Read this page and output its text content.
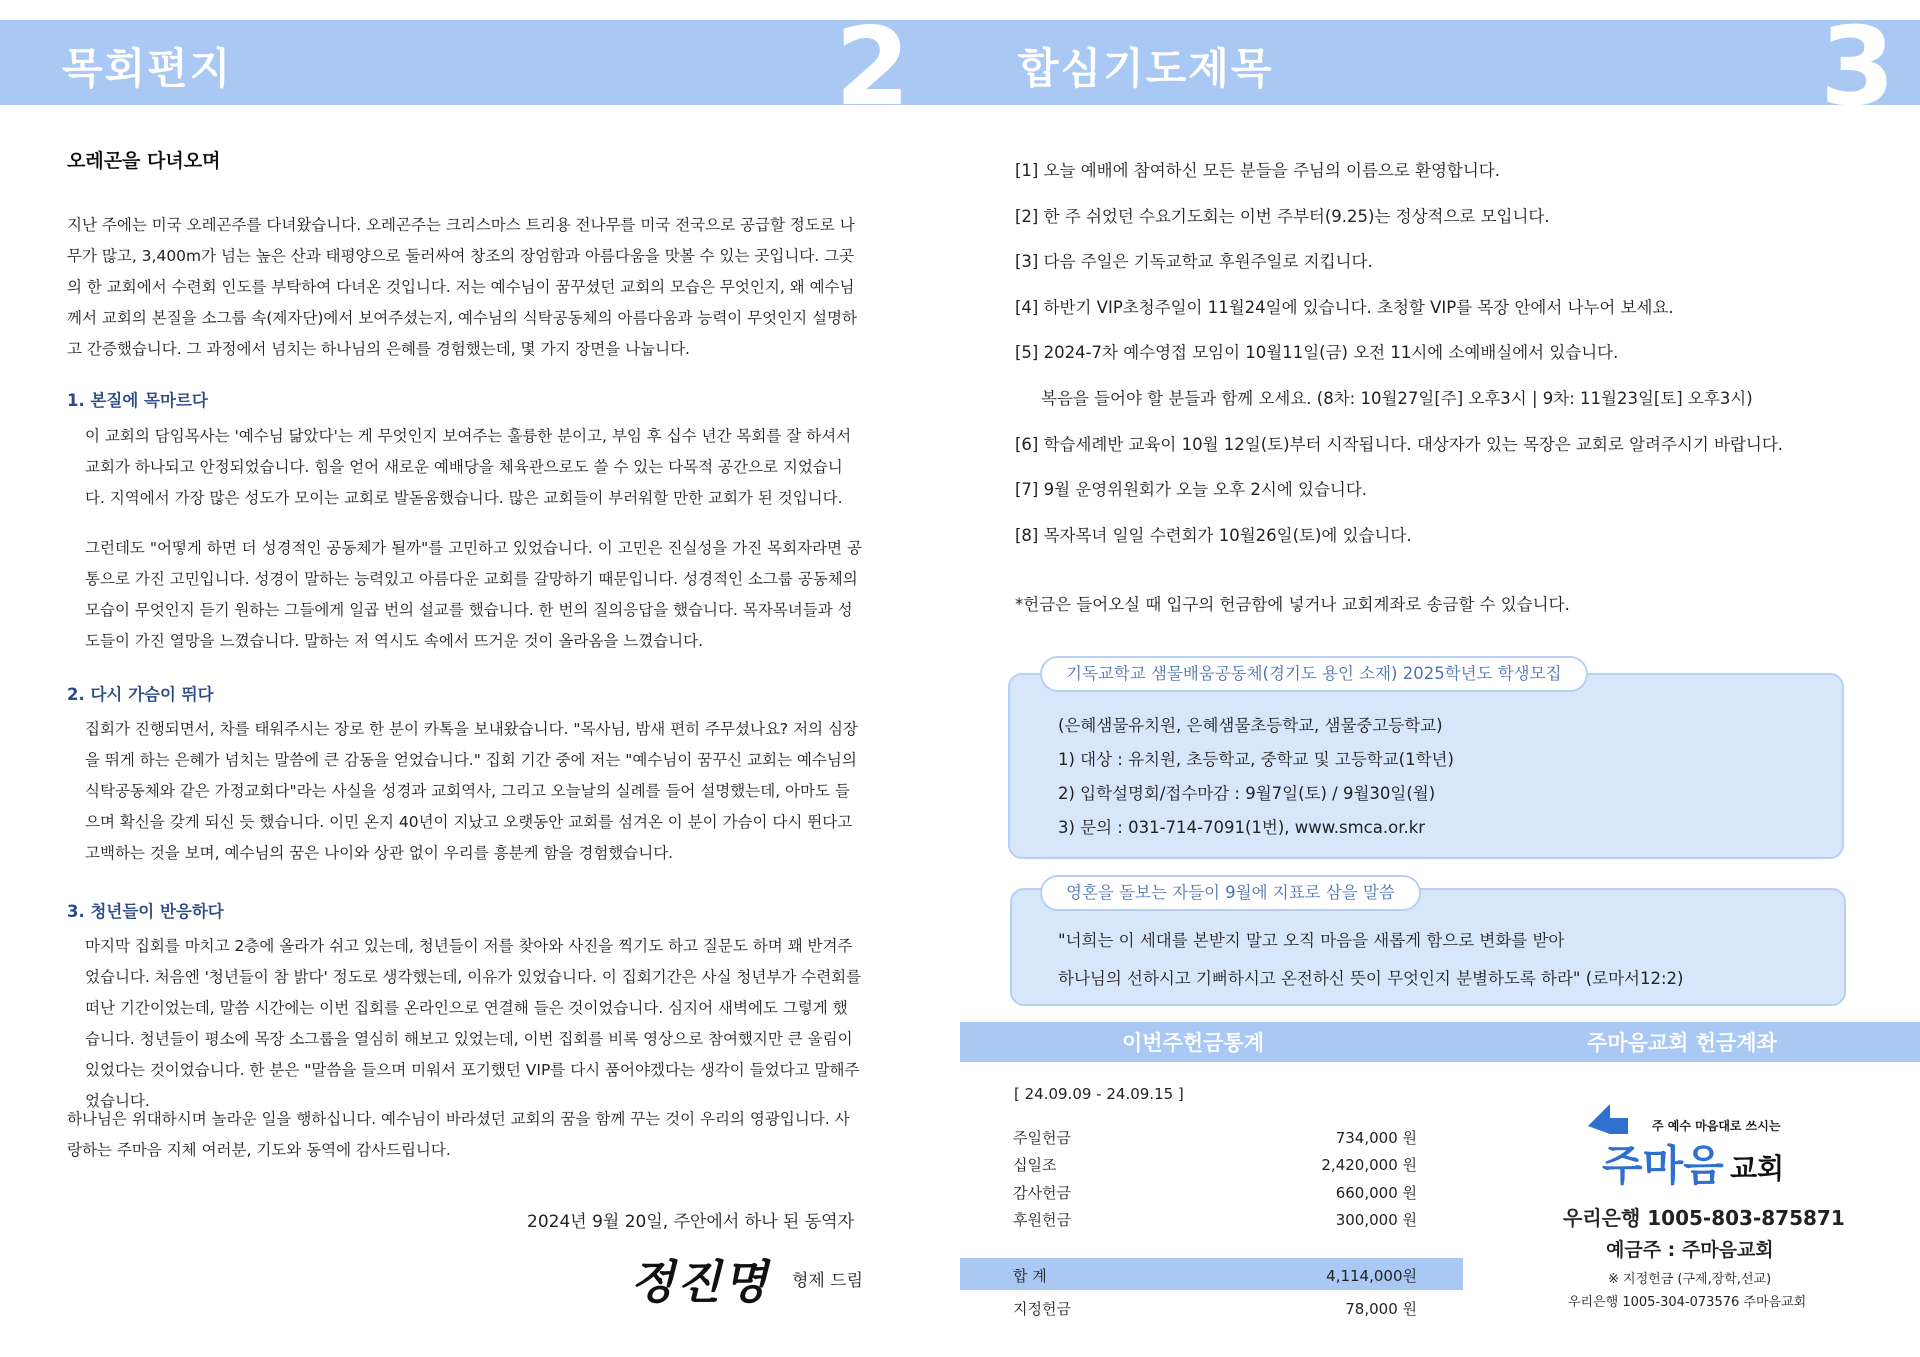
목회편지	2	합심기도제목	3
오레곤을 다녀오며

지난 주에는 미국 오레곤주를 다녀왔습니다. 오레곤주는 크리스마스 트리용 전나무를 미국 전국으로 공급할 정도로 나무가 많고, 3,400m가 넘는 높은 산과 태평양으로 둘러싸여 창조의 장엄함과 아름다움을 맛볼 수 있는 곳입니다. 그곳의 한 교회에서 수련회 인도를 부탁하여 다녀온 것입니다. 저는 예수님이 꿈꾸셨던 교회의 모습은 무엇인지, 왜 예수님께서 교회의 본질을 소그룹 속(제자단)에서 보여주셨는지, 예수님의 식탁공동체의 아름다움과 능력이 무엇인지 설명하고 간증했습니다. 그 과정에서 넘치는 하나님의 은혜를 경험했는데, 몇 가지 장면을 나눕니다.

1. 본질에 목마르다

이 교회의 담임목사는 '예수님 닮았다'는 게 무엇인지 보여주는 훌륭한 분이고, 부임 후 십수 년간 목회를 잘 하셔서 교회가 하나되고 안정되었습니다. 힘을 얻어 새로운 예배당을 체육관으로도 쓸 수 있는 다목적 공간으로 지었습니다. 지역에서 가장 많은 성도가 모이는 교회로 발돋움했습니다. 많은 교회들이 부러워할 만한 교회가 된 것입니다.

그런데도 "어떻게 하면 더 성경적인 공동체가 될까"를 고민하고 있었습니다. 이 고민은 진실성을 가진 목회자라면 공통으로 가진 고민입니다. 성경이 말하는 능력있고 아름다운 교회를 갈망하기 때문입니다. 성경적인 소그룹 공동체의 모습이 무엇인지 듣기 원하는 그들에게 일곱 번의 설교를 했습니다. 한 번의 질의응답을 했습니다. 목자목녀들과 성도들이 가진 열망을 느꼈습니다. 말하는 저 역시도 속에서 뜨거운 것이 올라옴을 느꼈습니다.

2. 다시 가슴이 뛰다

집회가 진행되면서, 차를 태워주시는 장로 한 분이 카톡을 보내왔습니다. "목사님, 밤새 편히 주무셨나요? 저의 심장을 뛰게 하는 은혜가 넘치는 말씀에 큰 감동을 얻었습니다." 집회 기간 중에 저는 "예수님이 꿈꾸신 교회는 예수님의 식탁공동체와 같은 가정교회다"라는 사실을 성경과 교회역사, 그리고 오늘날의 실례를 들어 설명했는데, 아마도 들으며 확신을 갖게 되신 듯 했습니다. 이민 온지 40년이 지났고 오랫동안 교회를 섬겨온 이 분이 가슴이 다시 뛴다고 고백하는 것을 보며, 예수님의 꿈은 나이와 상관 없이 우리를 흥분케 함을 경험했습니다.

3. 청년들이 반응하다

마지막 집회를 마치고 2층에 올라가 쉬고 있는데, 청년들이 저를 찾아와 사진을 찍기도 하고 질문도 하며 꽤 반겨주었습니다. 처음엔 '청년들이 참 밝다' 정도로 생각했는데, 이유가 있었습니다. 이 집회기간은 사실 청년부가 수련회를 떠난 기간이었는데, 말씀 시간에는 이번 집회를 온라인으로 연결해 들은 것이었습니다. 심지어 새벽에도 그렇게 했습니다. 청년들이 평소에 목장 소그룹을 열심히 해보고 있었는데, 이번 집회를 비록 영상으로 참여했지만 큰 울림이 있었다는 것이었습니다. 한 분은 "말씀을 들으며 미워서 포기했던 VIP를 다시 품어야겠다는 생각이 들었다고 말해주었습니다.

하나님은 위대하시며 놀라운 일을 행하십니다. 예수님이 바라셨던 교회의 꿈을 함께 꾸는 것이 우리의 영광입니다. 사랑하는 주마음 지체 여러분, 기도와 동역에 감사드립니다.

2024년 9월 20일, 주안에서 하나 된 동역자
정진명 형제 드림
[1] 오늘 예배에 참여하신 모든 분들을 주님의 이름으로 환영합니다.
[2] 한 주 쉬었던 수요기도회는 이번 주부터(9.25)는 정상적으로 모입니다.
[3] 다음 주일은 기독교학교 후원주일로 지킵니다.
[4] 하반기 VIP초청주일이 11월24일에 있습니다. 초청할 VIP를 목장 안에서 나누어 보세요.
[5] 2024-7차 예수영접 모임이 10월11일(금) 오전 11시에 소예배실에서 있습니다.
복음을 들어야 할 분들과 함께 오세요. (8차: 10월27일[주] 오후3시 | 9차: 11월23일[토] 오후3시)
[6] 학습세례반 교육이 10월 12일(토)부터 시작됩니다. 대상자가 있는 목장은 교회로 알려주시기 바랍니다.
[7] 9월 운영위원회가 오늘 오후 2시에 있습니다.
[8] 목자목녀 일일 수련회가 10월26일(토)에 있습니다.
*헌금은 들어오실 때 입구의 헌금함에 넣거나 교회계좌로 송금할 수 있습니다.
기독교학교 샘물배움공동체(경기도 용인 소재) 2025학년도 학생모집
(은혜샘물유치원, 은혜샘물초등학교, 샘물중고등학교)
1) 대상 : 유치원, 초등학교, 중학교 및 고등학교(1학년)
2) 입학설명회/접수마감 : 9월7일(토) / 9월30일(월)
3) 문의 : 031-714-7091(1번), www.smca.or.kr
영혼을 돌보는 자들이 9월에 지표로 삼을 말씀
"너희는 이 세대를 본받지 말고 오직 마음을 새롭게 함으로 변화를 받아
하나님의 선하시고 기뻐하시고 온전하신 뜻이 무엇인지 분별하도록 하라" (로마서12:2)
이번주헌금통계	주마음교회 헌금계좌
[ 24.09.09 - 24.09.15 ]
주일헌금	734,000 원
십일조	2,420,000 원
감사헌금	660,000 원
후원헌금	300,000 원
합 계	4,114,000원
지정헌금	78,000 원
주 예수 마음대로 쓰시는
주마음 교회
우리은행 1005-803-875871
예금주 : 주마음교회
※ 지정헌금 (구제,장학,선교)
우리은행 1005-304-073576 주마음교회
